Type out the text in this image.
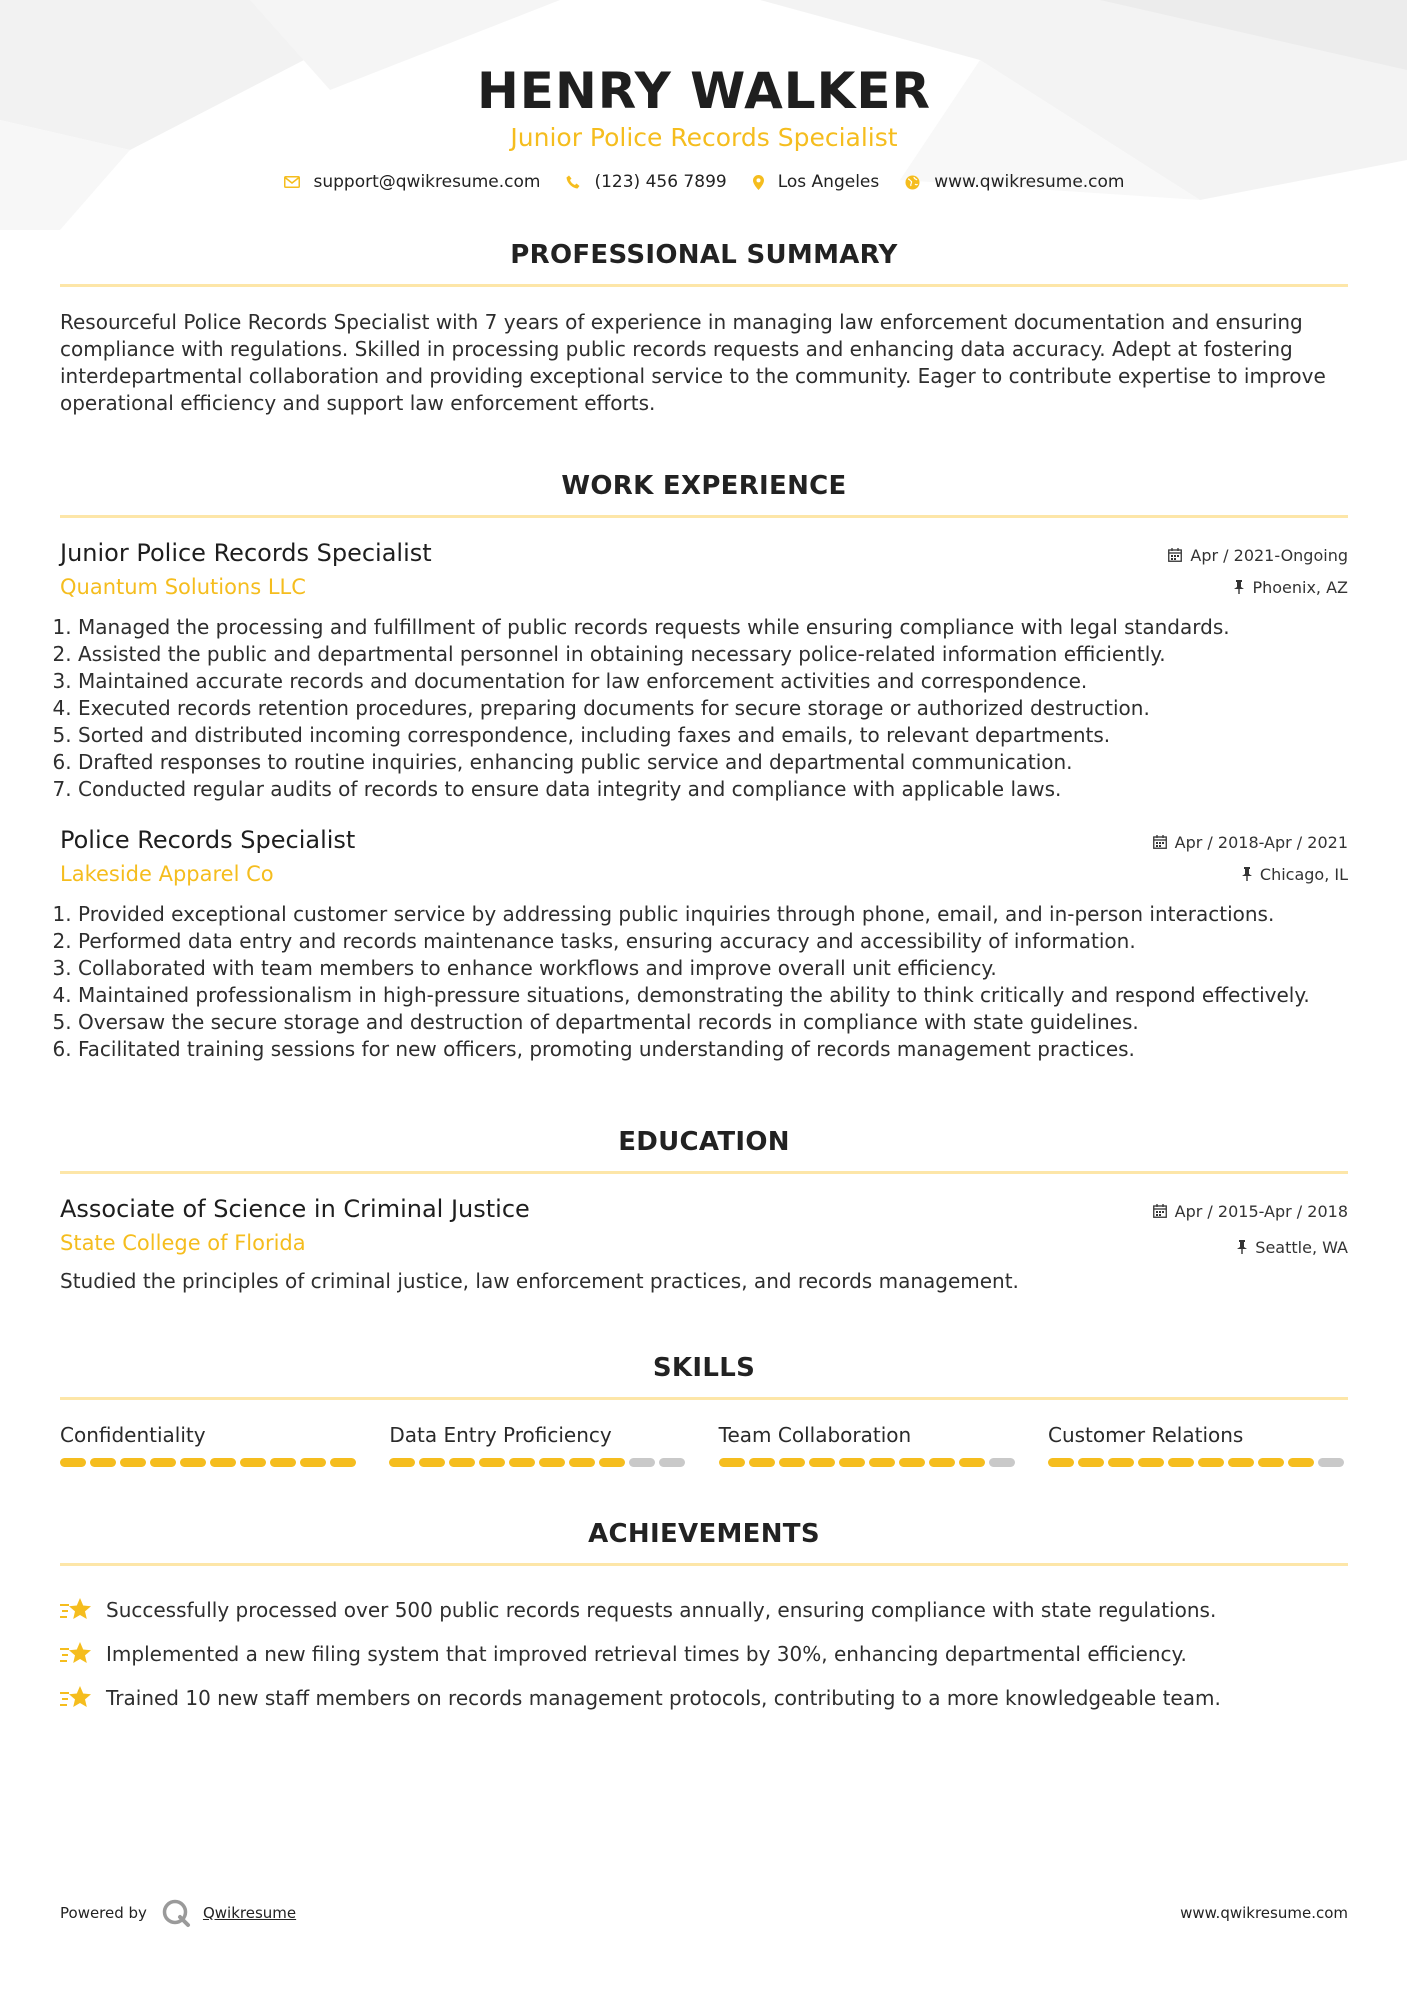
HENRY WALKER
Junior Police Records Specialist
support@qwikresume.com	(123) 456 7899	Los Angeles	www.qwikresume.com
PROFESSIONAL SUMMARY

Resourceful Police Records Specialist with 7 years of experience in managing law enforcement documentation and ensuring compliance with regulations. Skilled in processing public records requests and enhancing data accuracy. Adept at fostering interdepartmental collaboration and providing exceptional service to the community. Eager to contribute expertise to improve operational efficiency and support law enforcement efforts.

WORK EXPERIENCE
Junior Police Records Specialist
Quantum Solutions LLC
Apr / 2021-Ongoing
Phoenix, AZ
1. Managed the processing and fulfillment of public records requests while ensuring compliance with legal standards.
2. Assisted the public and departmental personnel in obtaining necessary police-related information efficiently.
3. Maintained accurate records and documentation for law enforcement activities and correspondence.
4. Executed records retention procedures, preparing documents for secure storage or authorized destruction.
5. Sorted and distributed incoming correspondence, including faxes and emails, to relevant departments.
6. Drafted responses to routine inquiries, enhancing public service and departmental communication.
7. Conducted regular audits of records to ensure data integrity and compliance with applicable laws.
Police Records Specialist
Lakeside Apparel Co
Apr / 2018-Apr / 2021
Chicago, IL
1. Provided exceptional customer service by addressing public inquiries through phone, email, and in-person interactions.
2. Performed data entry and records maintenance tasks, ensuring accuracy and accessibility of information.
3. Collaborated with team members to enhance workflows and improve overall unit efficiency.
4. Maintained professionalism in high-pressure situations, demonstrating the ability to think critically and respond effectively.
5. Oversaw the secure storage and destruction of departmental records in compliance with state guidelines.
6. Facilitated training sessions for new officers, promoting understanding of records management practices.
EDUCATION
Associate of Science in Criminal Justice
State College of Florida
Apr / 2015-Apr / 2018
Seattle, WA
Studied the principles of criminal justice, law enforcement practices, and records management.
SKILLS
Confidentiality	Data Entry Proficiency	Team Collaboration	Customer Relations
ACHIEVEMENTS
Successfully processed over 500 public records requests annually, ensuring compliance with state regulations.
Implemented a new filing system that improved retrieval times by 30%, enhancing departmental efficiency.
Trained 10 new staff members on records management protocols, contributing to a more knowledgeable team.
Powered by	Qwikresume	www.qwikresume.com
